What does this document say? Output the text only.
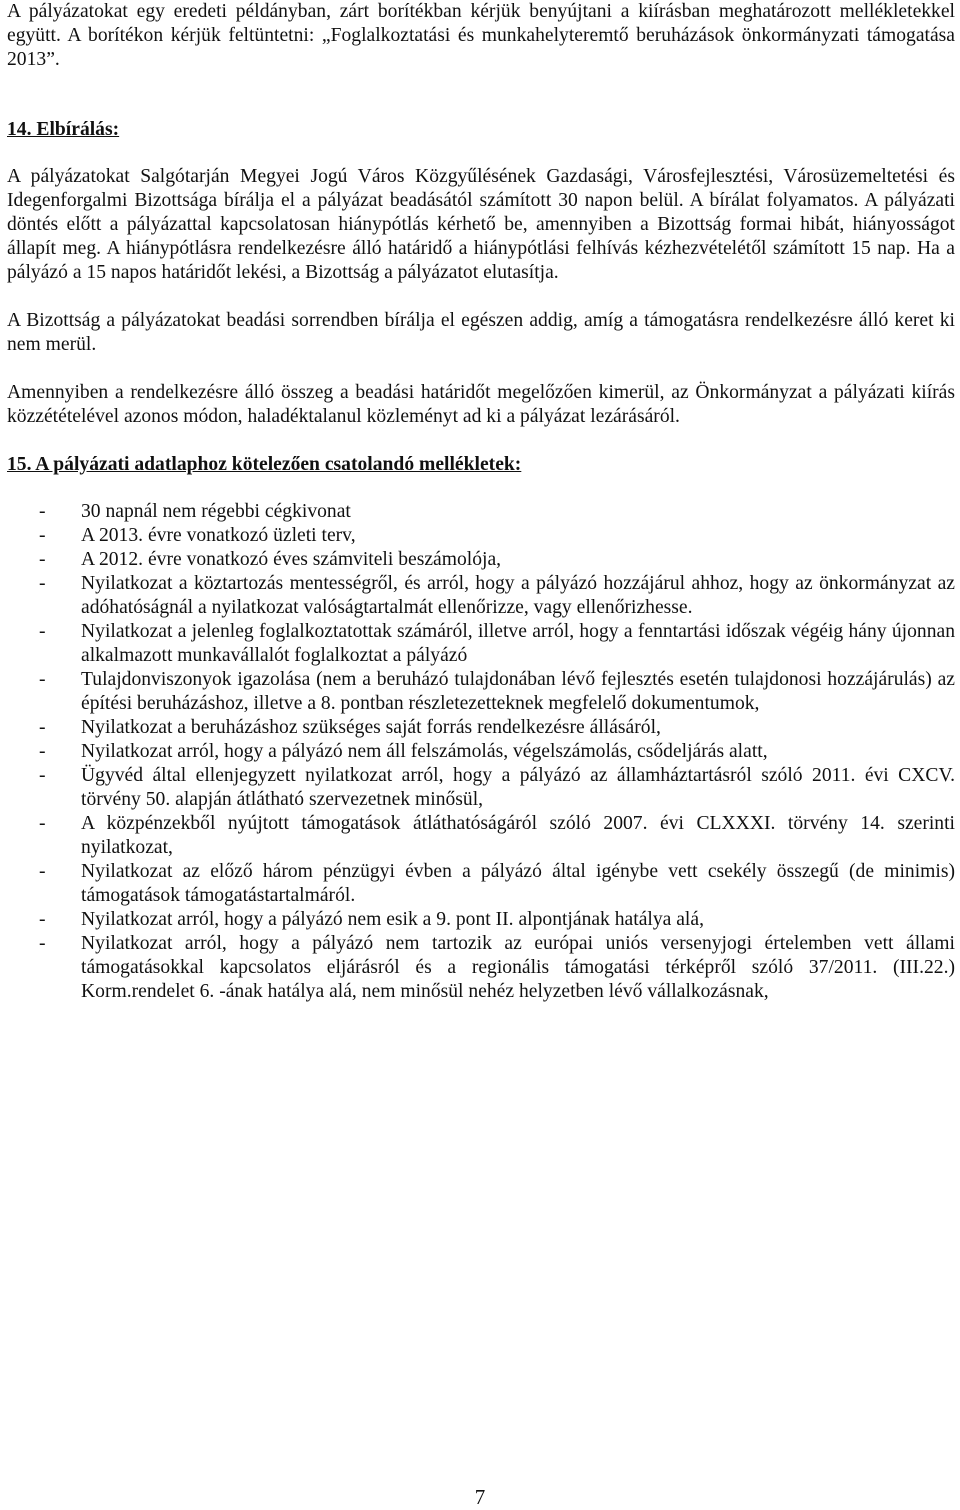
A pályázatokat egy eredeti példányban, zárt borítékban kérjük benyújtani a kiírásban meghatározott mellékletekkel együtt. A borítékon kérjük feltüntetni: „Foglalkoztatási és munkahelyteremtő beruházások önkormányzati támogatása 2013”.

14. Elbírálás:

A pályázatokat Salgótarján Megyei Jogú Város Közgyűlésének Gazdasági, Városfejlesztési, Városüzemeltetési és Idegenforgalmi Bizottsága bírálja el a pályázat beadásától számított 30 napon belül. A bírálat folyamatos. A pályázati döntés előtt a pályázattal kapcsolatosan hiánypótlás kérhető be, amennyiben a Bizottság formai hibát, hiányosságot állapít meg. A hiánypótlásra rendelkezésre álló határidő a hiánypótlási felhívás kézhezvételétől számított 15 nap. Ha a pályázó a 15 napos határidőt lekési, a Bizottság a pályázatot elutasítja.

A Bizottság a pályázatokat beadási sorrendben bírálja el egészen addig, amíg a támogatásra rendelkezésre álló keret ki nem merül.

Amennyiben a rendelkezésre álló összeg a beadási határidőt megelőzően kimerül, az Önkormányzat a pályázati kiírás közzétételével azonos módon, haladéktalanul közleményt ad ki a pályázat lezárásáról.

15. A pályázati adatlaphoz kötelezően csatolandó mellékletek:
- 30 napnál nem régebbi cégkivonat
- A 2013. évre vonatkozó üzleti terv,
- A 2012. évre vonatkozó éves számviteli beszámolója,
- Nyilatkozat a köztartozás mentességről, és arról, hogy a pályázó hozzájárul ahhoz, hogy az önkormányzat az adóhatóságnál a nyilatkozat valóságtartalmát ellenőrizze, vagy ellenőrizhesse.
- Nyilatkozat a jelenleg foglalkoztatottak számáról, illetve arról, hogy a fenntartási időszak végéig hány újonnan alkalmazott munkavállalót foglalkoztat a pályázó
- Tulajdonviszonyok igazolása (nem a beruházó tulajdonában lévő fejlesztés esetén tulajdonosi hozzájárulás) az építési beruházáshoz, illetve a 8. pontban részletezetteknek megfelelő dokumentumok,
- Nyilatkozat a beruházáshoz szükséges saját forrás rendelkezésre állásáról,
- Nyilatkozat arról, hogy a pályázó nem áll felszámolás, végelszámolás, csődeljárás alatt,
- Ügyvéd által ellenjegyzett nyilatkozat arról, hogy a pályázó az államháztartásról szóló 2011. évi CXCV. törvény 50. alapján átlátható szervezetnek minősül,
- A közpénzekből nyújtott támogatások átláthatóságáról szóló 2007. évi CLXXXI. törvény 14. szerinti nyilatkozat,
- Nyilatkozat az előző három pénzügyi évben a pályázó által igénybe vett csekély összegű (de minimis) támogatások támogatástartalmáról.
- Nyilatkozat arról, hogy a pályázó nem esik a 9. pont II. alpontjának hatálya alá,
- Nyilatkozat arról, hogy a pályázó nem tartozik az európai uniós versenyjogi értelemben vett állami támogatásokkal kapcsolatos eljárásról és a regionális támogatási térképről szóló 37/2011. (III.22.) Korm.rendelet 6. -ának hatálya alá, nem minősül nehéz helyzetben lévő vállalkozásnak,
7
